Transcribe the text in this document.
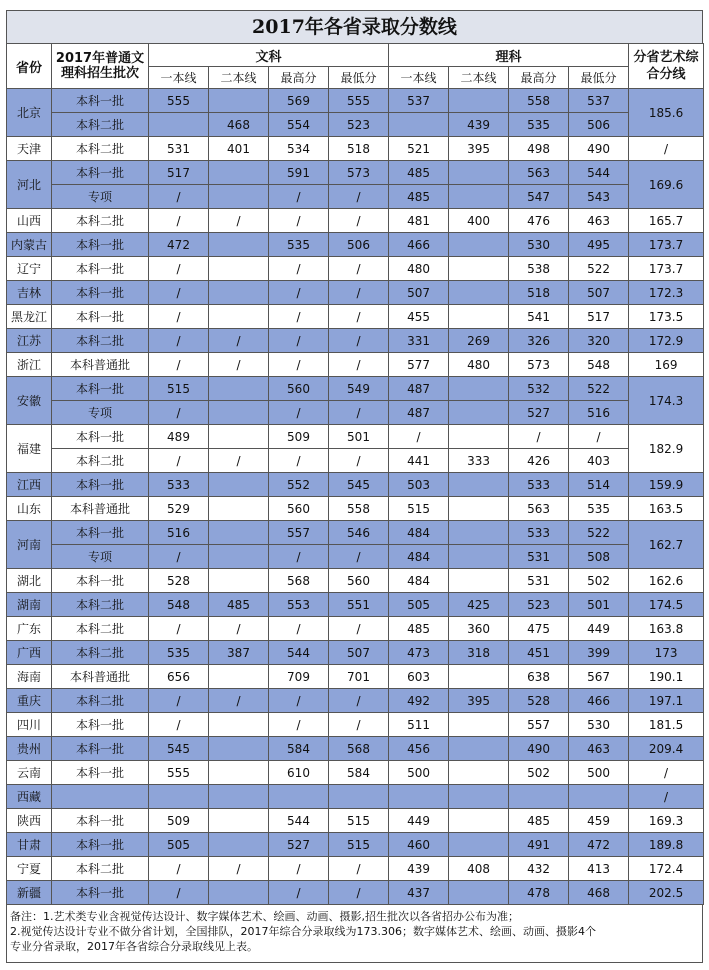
2017年各省录取分数线
省份	2017年普通文理科招生批次	文科				理科				分省艺术综合分线
		一本线	二本线	最高分	最低分	一本线	二本线	最高分	最低分	
北京	本科一批	555		569	555	537		558	537	185.6
	本科二批		468	554	523		439	535	506	
天津	本科二批	531	401	534	518	521	395	498	490	/
河北	本科一批	517		591	573	485		563	544	169.6
	专项	/		/	/	485		547	543	
山西	本科二批	/	/	/	/	481	400	476	463	165.7
内蒙古	本科一批	472		535	506	466		530	495	173.7
辽宁	本科一批	/		/	/	480		538	522	173.7
吉林	本科一批	/		/	/	507		518	507	172.3
黑龙江	本科一批	/		/	/	455		541	517	173.5
江苏	本科二批	/	/	/	/	331	269	326	320	172.9
浙江	本科普通批	/	/	/	/	577	480	573	548	169
安徽	本科一批	515		560	549	487		532	522	174.3
	专项	/		/	/	487		527	516	
福建	本科一批	489		509	501	/		/	/	182.9
	本科二批	/	/	/	/	441	333	426	403	
江西	本科一批	533		552	545	503		533	514	159.9
山东	本科普通批	529		560	558	515		563	535	163.5
河南	本科一批	516		557	546	484		533	522	162.7
	专项	/		/	/	484		531	508	
湖北	本科一批	528		568	560	484		531	502	162.6
湖南	本科二批	548	485	553	551	505	425	523	501	174.5
广东	本科二批	/	/	/	/	485	360	475	449	163.8
广西	本科二批	535	387	544	507	473	318	451	399	173
海南	本科普通批	656		709	701	603		638	567	190.1
重庆	本科二批	/	/	/	/	492	395	528	466	197.1
四川	本科一批	/		/	/	511		557	530	181.5
贵州	本科一批	545		584	568	456		490	463	209.4
云南	本科一批	555		610	584	500		502	500	/
西藏										/
陕西	本科一批	509		544	515	449		485	459	169.3
甘肃	本科一批	505		527	515	460		491	472	189.8
宁夏	本科二批	/	/	/	/	439	408	432	413	172.4
新疆	本科一批	/		/	/	437		478	468	202.5
备注：1.艺术类专业含视觉传达设计、数字媒体艺术、绘画、动画、摄影,招生批次以各省招办公布为准；
2.视觉传达设计专业不做分省计划，全国排队，2017年综合分录取线为173.306；数字媒体艺术、绘画、动画、摄影4个
专业分省录取，2017年各省综合分录取线见上表。
